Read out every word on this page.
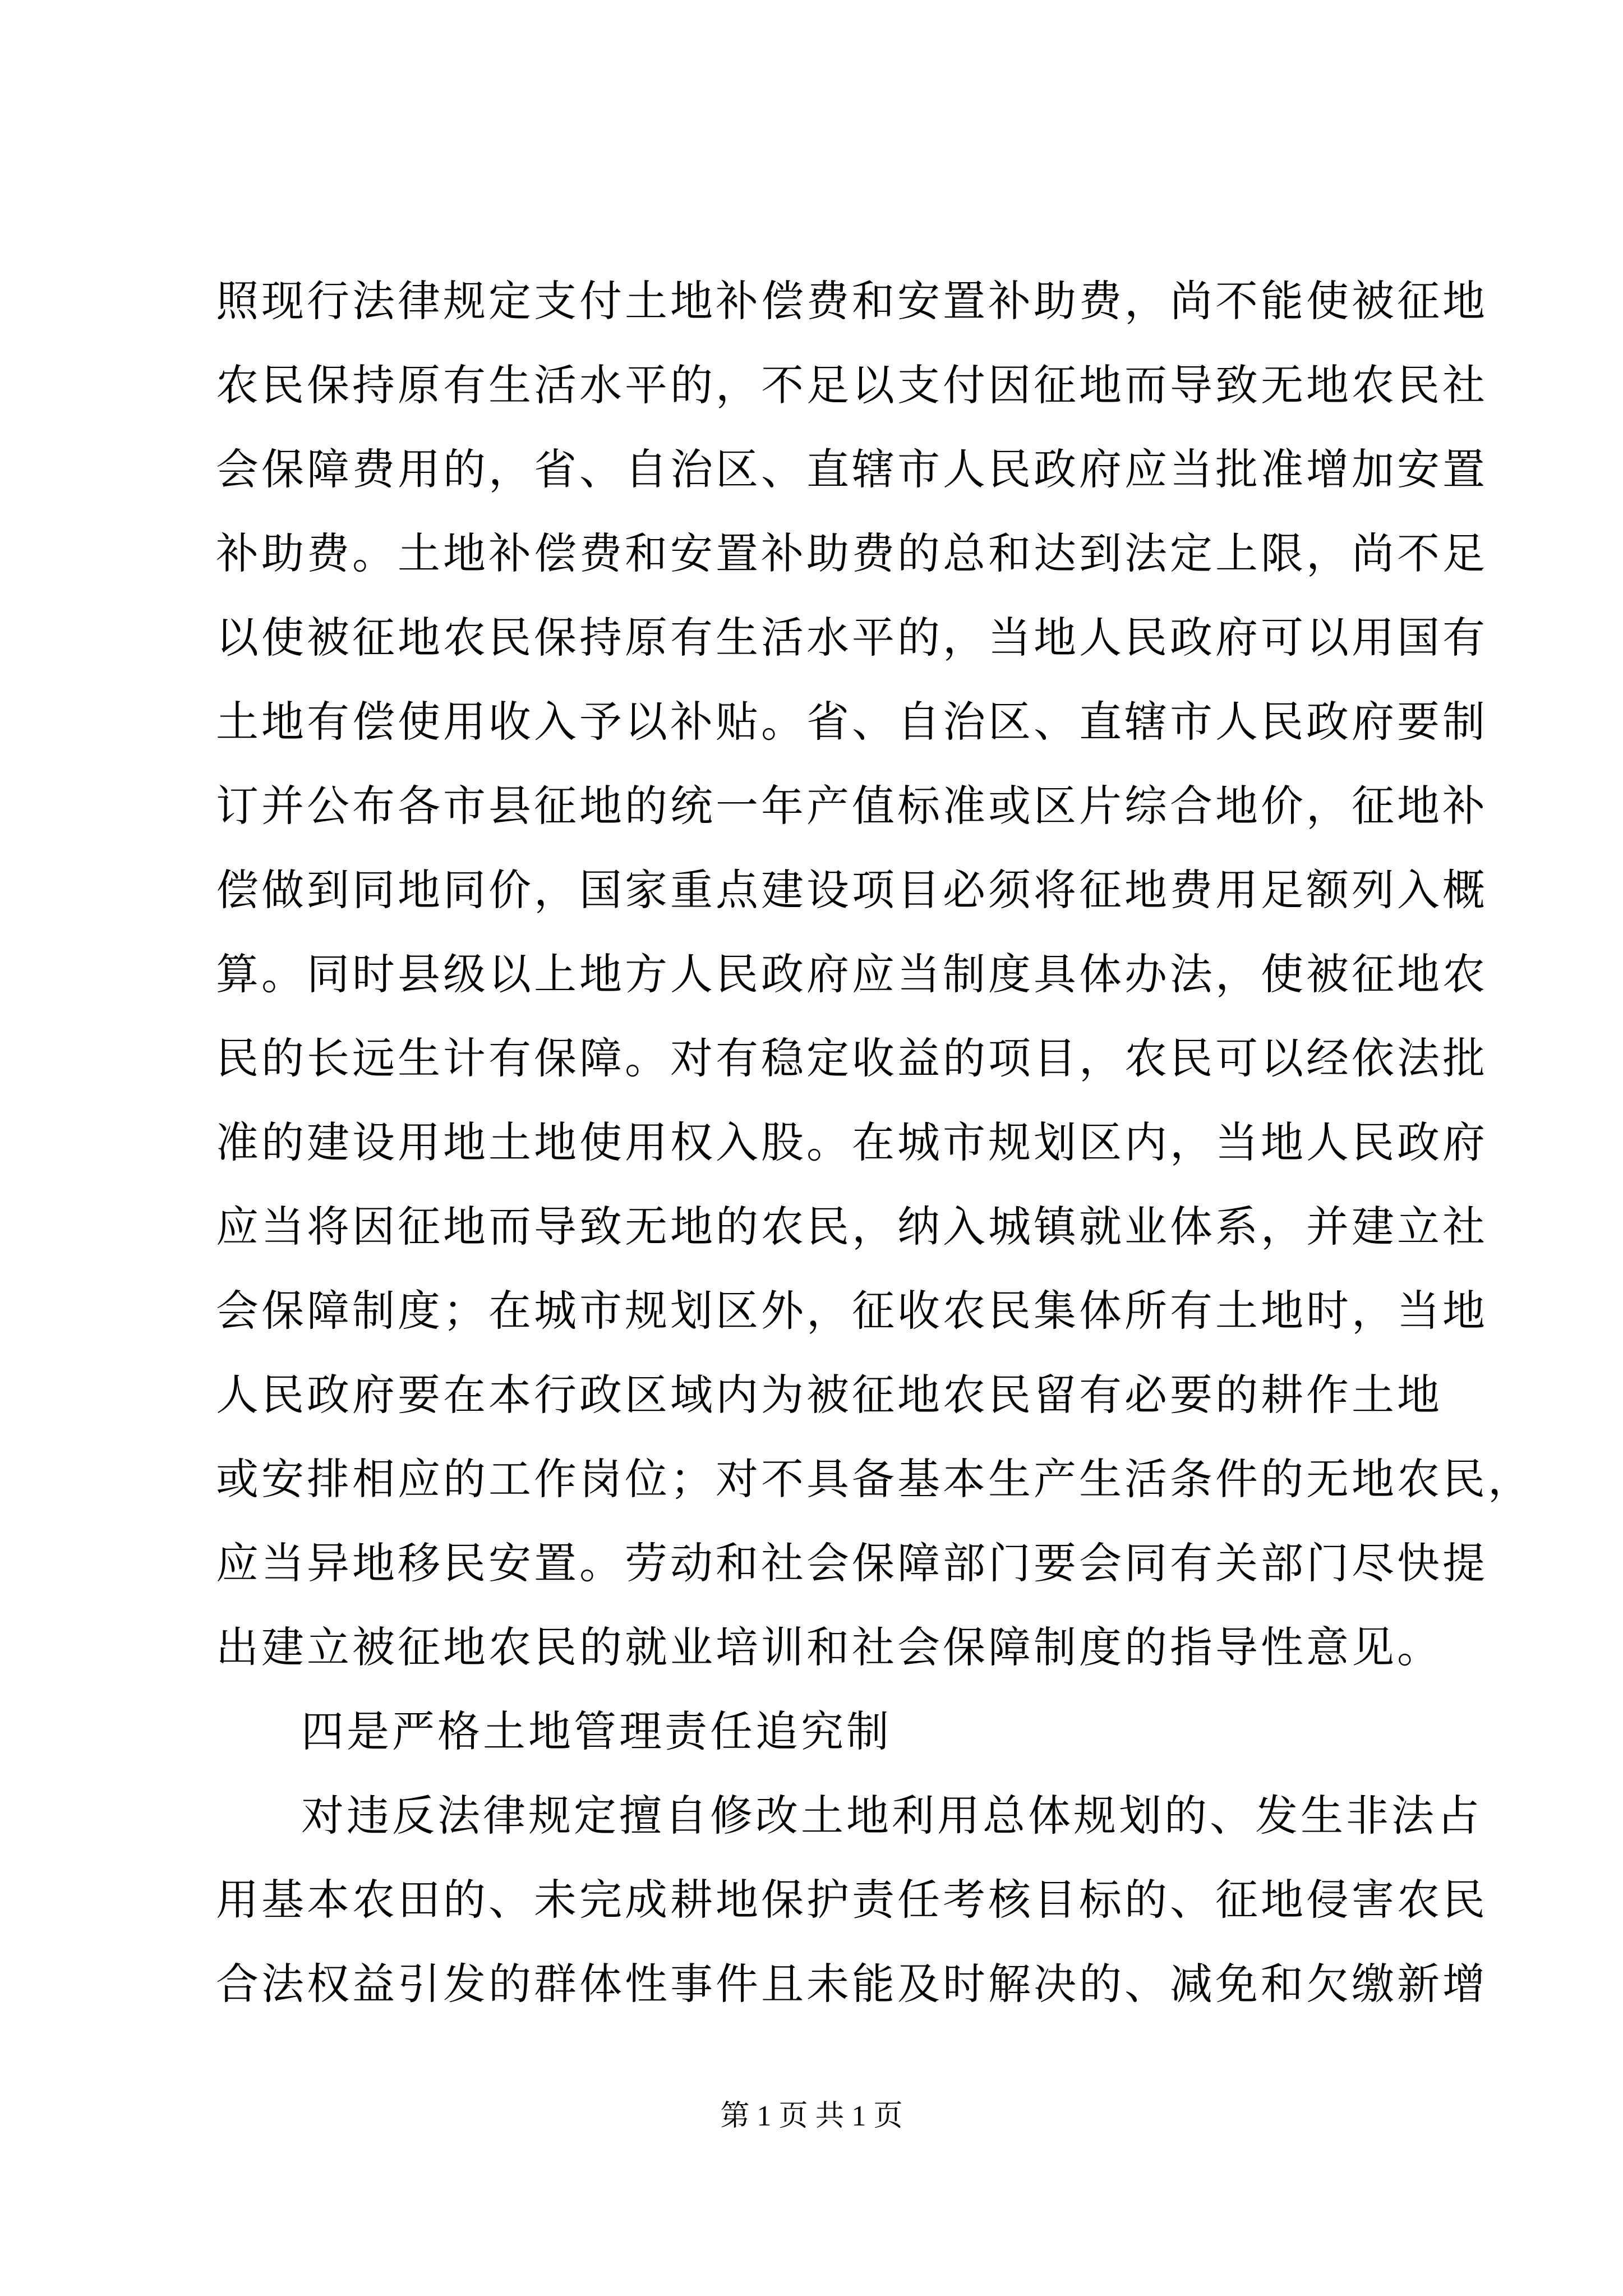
照现行法律规定支付土地补偿费和安置补助费，尚不能使被征地
农民保持原有生活水平的，不足以支付因征地而导致无地农民社
会保障费用的，省、自治区、直辖市人民政府应当批准增加安置
补助费。土地补偿费和安置补助费的总和达到法定上限，尚不足
以使被征地农民保持原有生活水平的，当地人民政府可以用国有
土地有偿使用收入予以补贴。省、自治区、直辖市人民政府要制
订并公布各市县征地的统一年产值标准或区片综合地价，征地补
偿做到同地同价，国家重点建设项目必须将征地费用足额列入概
算。同时县级以上地方人民政府应当制度具体办法，使被征地农
民的长远生计有保障。对有稳定收益的项目，农民可以经依法批
准的建设用地土地使用权入股。在城市规划区内，当地人民政府
应当将因征地而导致无地的农民，纳入城镇就业体系，并建立社
会保障制度；在城市规划区外，征收农民集体所有土地时，当地
人民政府要在本行政区域内为被征地农民留有必要的耕作土地
或安排相应的工作岗位；对不具备基本生产生活条件的无地农民，
应当异地移民安置。劳动和社会保障部门要会同有关部门尽快提
出建立被征地农民的就业培训和社会保障制度的指导性意见。
四是严格土地管理责任追究制
对违反法律规定擅自修改土地利用总体规划的、发生非法占
用基本农田的、未完成耕地保护责任考核目标的、征地侵害农民
合法权益引发的群体性事件且未能及时解决的、减免和欠缴新增
第 1 页 共 1 页
